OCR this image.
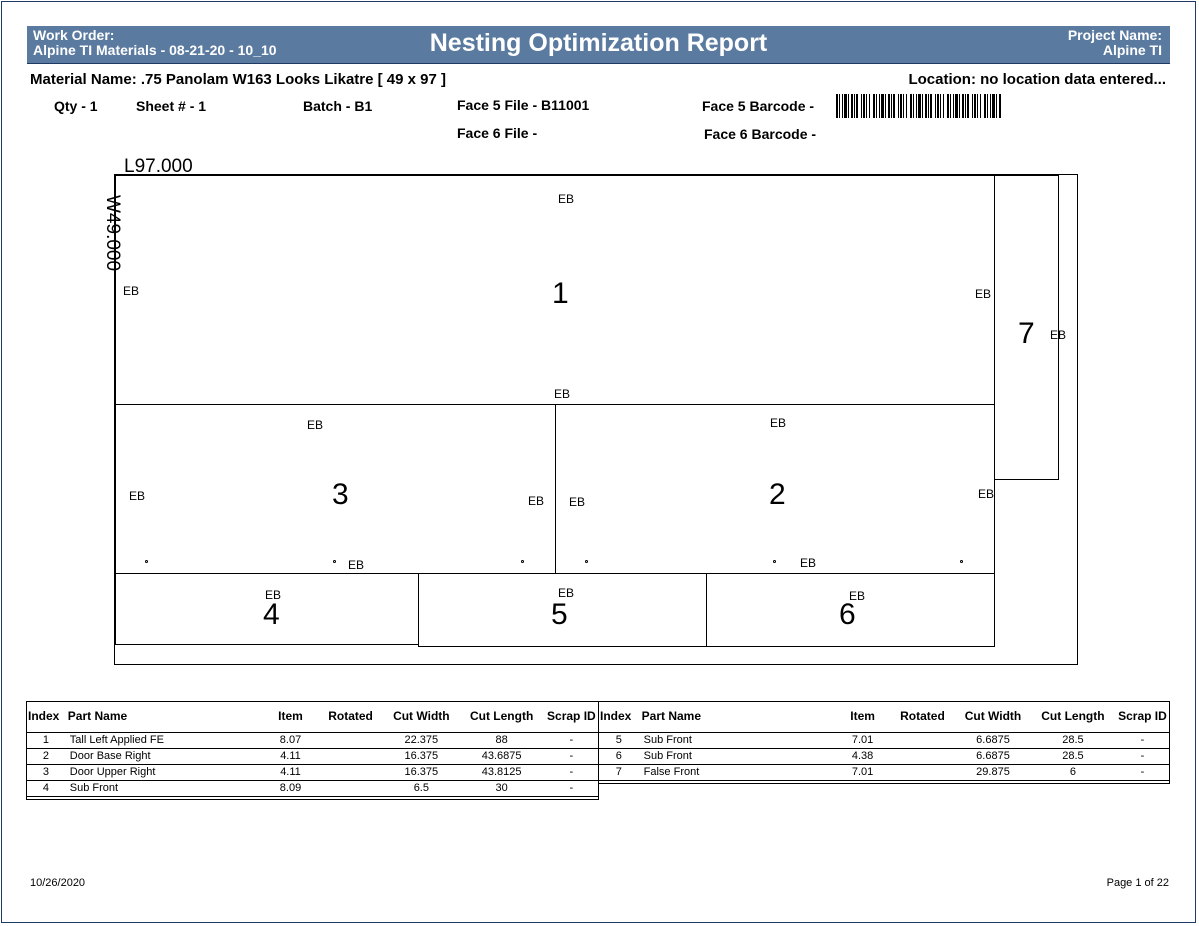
Work Order:
Alpine TI Materials - 08-21-20 - 10_10	Nesting Optimization Report	Project Name:
Alpine TI
Material Name: .75 Panolam W163 Looks Likatre [ 49 x 97 ]	Location: no location data entered...
Qty - 1	Sheet # - 1	Batch - B1	Face 5 File - B11001
Face 6 File -
Face 5 Barcode -
Face 6 Barcode -
L97.000
W49.000
1
2
3
4	5	6
7
EB
EB	EB
EB
EB
EB
EB	EB
EB
EB
EB
EB
EB
EB	EB	EB
Index	Part Name	Item	Rotated	Cut Width	Cut Length	Scrap ID
1	Tall Left Applied FE	8.07		22.375	88	-
2	Door Base Right	4.11		16.375	43.6875	-
3	Door Upper Right	4.11		16.375	43.8125	-
4	Sub Front	8.09		6.5	30	-
Index	Part Name	Item	Rotated	Cut Width	Cut Length	Scrap ID
5	Sub Front	7.01		6.6875	28.5	-
6	Sub Front	4.38		6.6875	28.5	-
7	False Front	7.01		29.875	6	-
10/26/2020	Page 1 of 22
